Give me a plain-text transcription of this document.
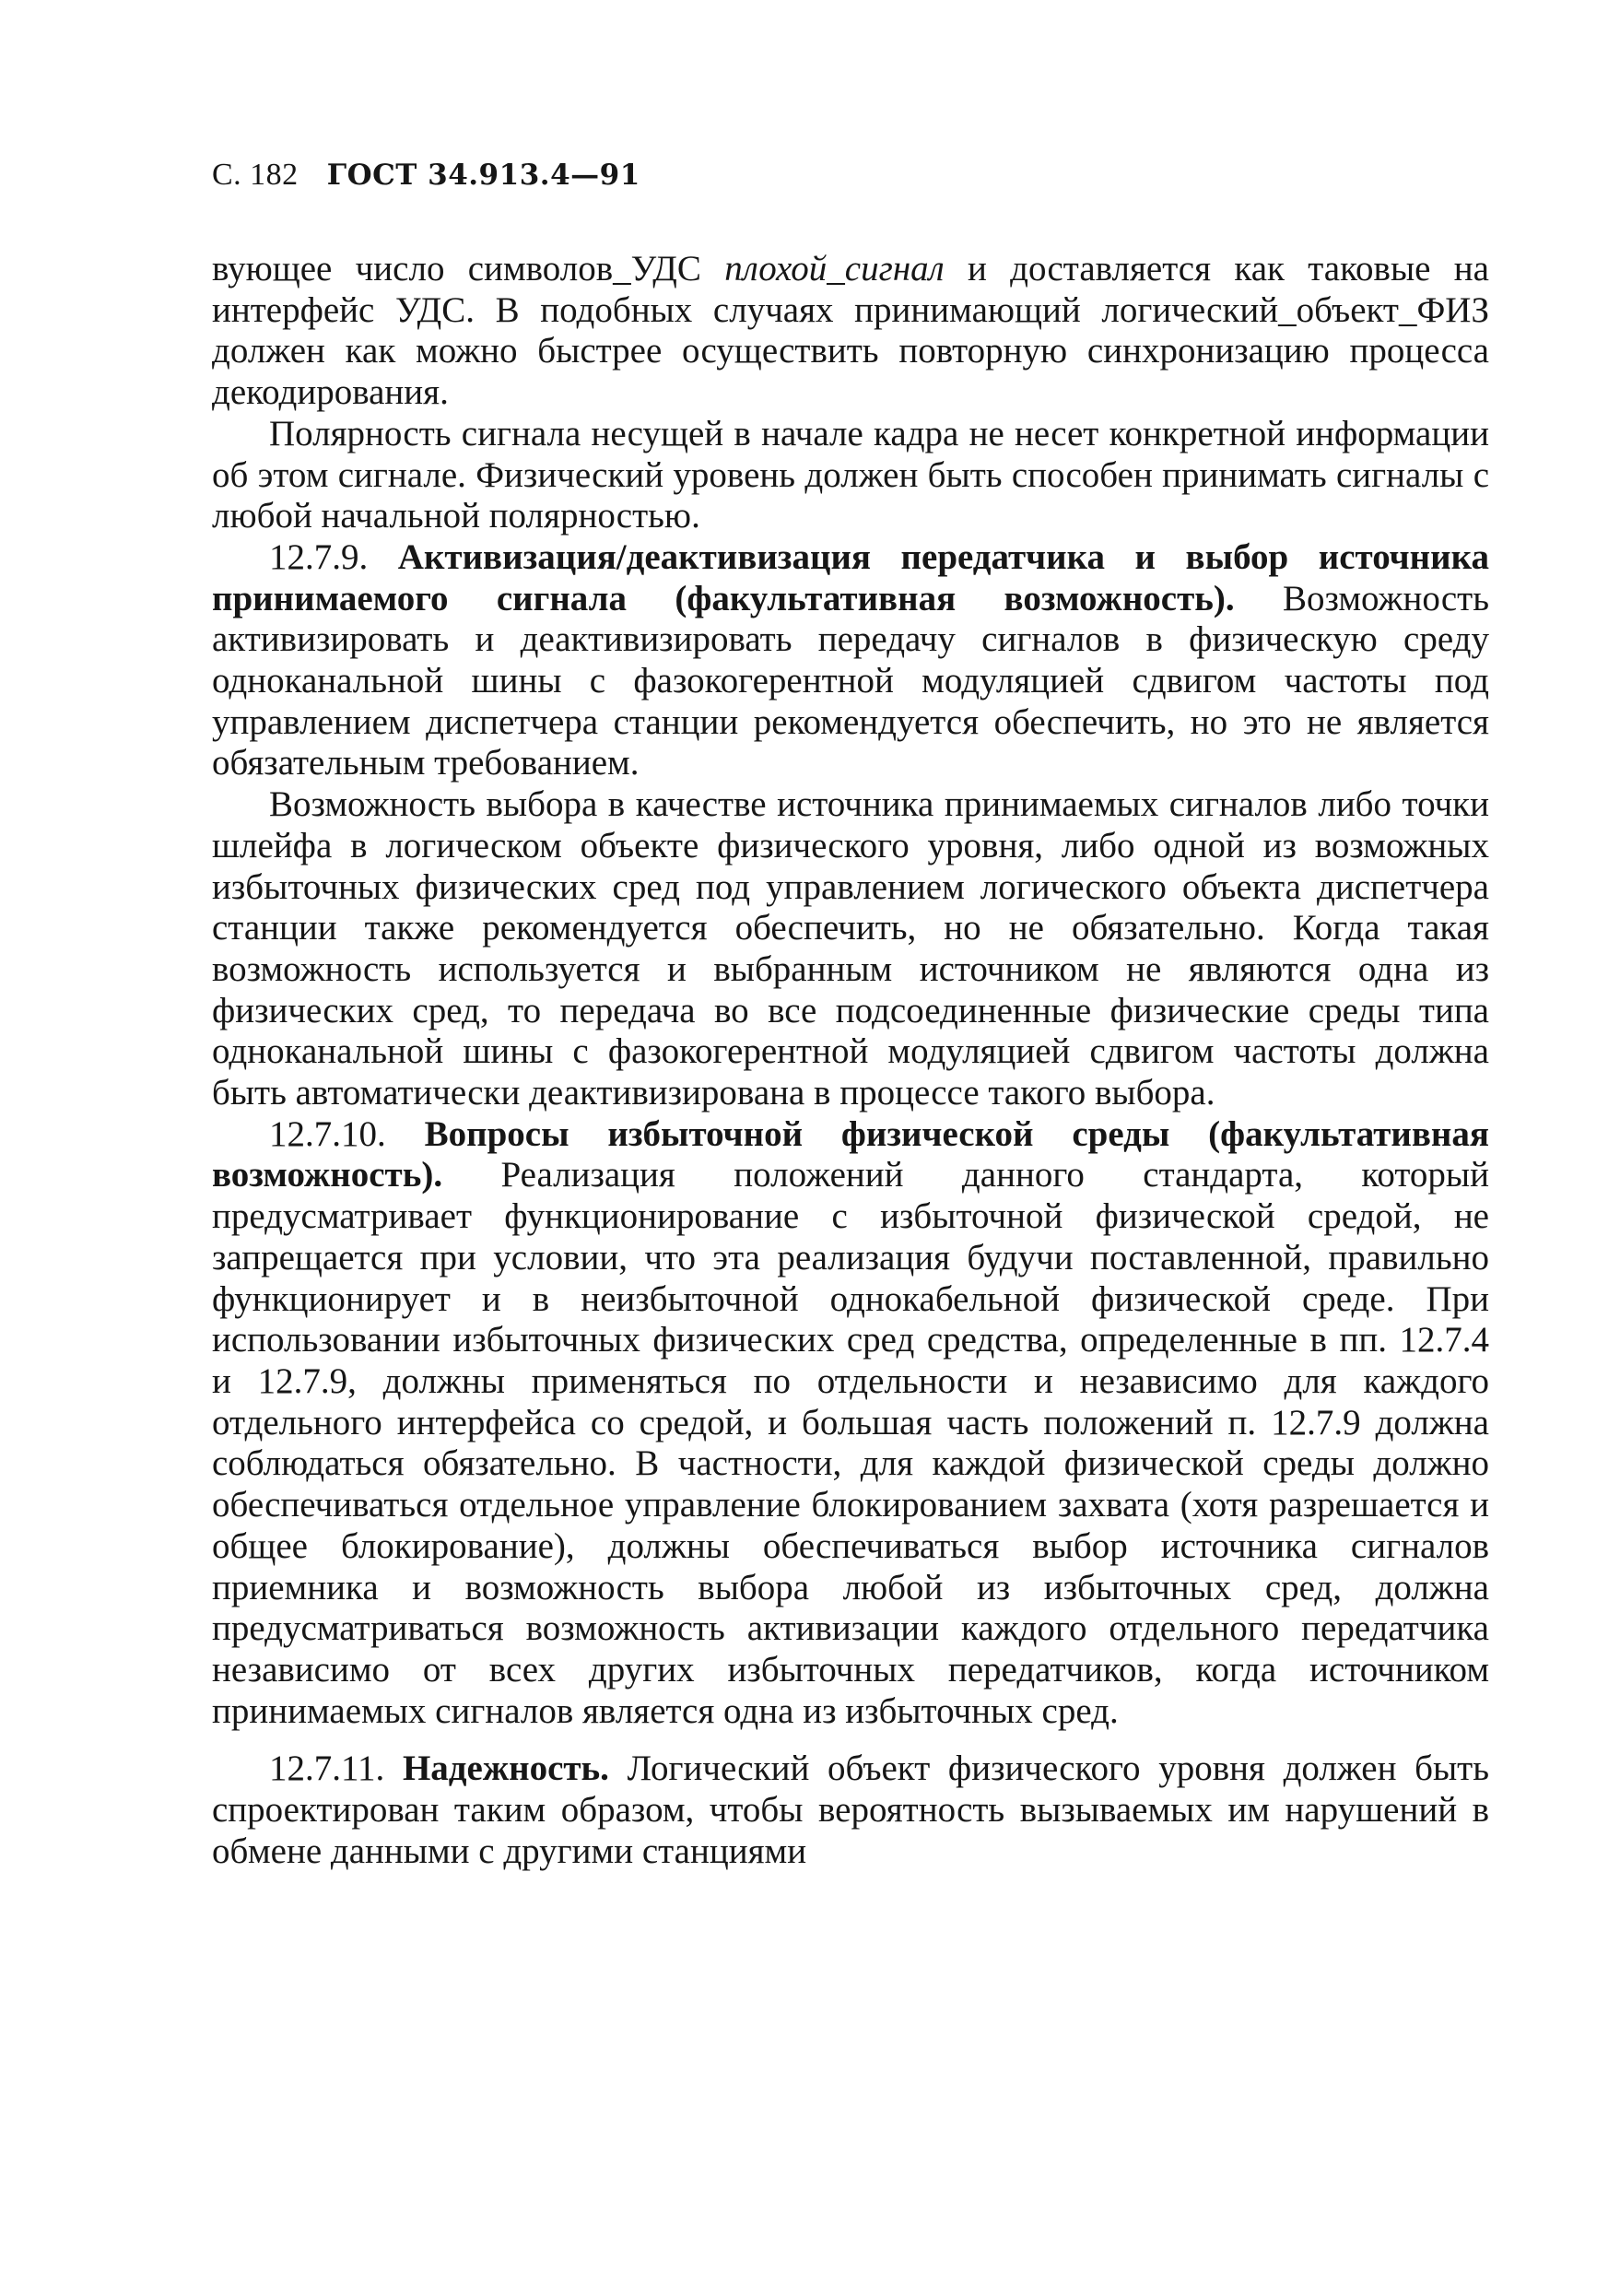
С. 182 ГОСТ 34.913.4—91

вующее число символов_УДС плохой_сигнал и доставляется как таковые на интерфейс УДС. В подобных случаях принимающий логический_объект_ФИЗ должен как можно быстрее осуществить повторную синхронизацию процесса декодирования.

Полярность сигнала несущей в начале кадра не несет конкретной информации об этом сигнале. Физический уровень должен быть способен принимать сигналы с любой начальной полярностью.

12.7.9. Активизация/деактивизация передатчика и выбор источника принимаемого сигнала (факультативная возможность). Возможность активизировать и деактивизировать передачу сигналов в физическую среду одноканальной шины с фазокогерентной модуляцией сдвигом частоты под управлением диспетчера станции рекомендуется обеспечить, но это не является обязательным требованием.

Возможность выбора в качестве источника принимаемых сигналов либо точки шлейфа в логическом объекте физического уровня, либо одной из возможных избыточных физических сред под управлением логического объекта диспетчера станции также рекомендуется обеспечить, но не обязательно. Когда такая возможность используется и выбранным источником не являются одна из физических сред, то передача во все подсоединенные физические среды типа одноканальной шины с фазокогерентной модуляцией сдвигом частоты должна быть автоматически деактивизирована в процессе такого выбора.

12.7.10. Вопросы избыточной физической среды (факультативная возможность). Реализация положений данного стандарта, который предусматривает функционирование с избыточной физической средой, не запрещается при условии, что эта реализация будучи поставленной, правильно функционирует и в неизбыточной однокабельной физической среде. При использовании избыточных физических сред средства, определенные в пп. 12.7.4 и 12.7.9, должны применяться по отдельности и независимо для каждого отдельного интерфейса со средой, и большая часть положений п. 12.7.9 должна соблюдаться обязательно. В частности, для каждой физической среды должно обеспечиваться отдельное управление блокированием захвата (хотя разрешается и общее блокирование), должны обеспечиваться выбор источника сигналов приемника и возможность выбора любой из избыточных сред, должна предусматриваться возможность активизации каждого отдельного передатчика независимо от всех других избыточных передатчиков, когда источником принимаемых сигналов является одна из избыточных сред.

12.7.11. Надежность. Логический объект физического уровня должен быть спроектирован таким образом, чтобы вероятность вызываемых им нарушений в обмене данными с другими станциями
